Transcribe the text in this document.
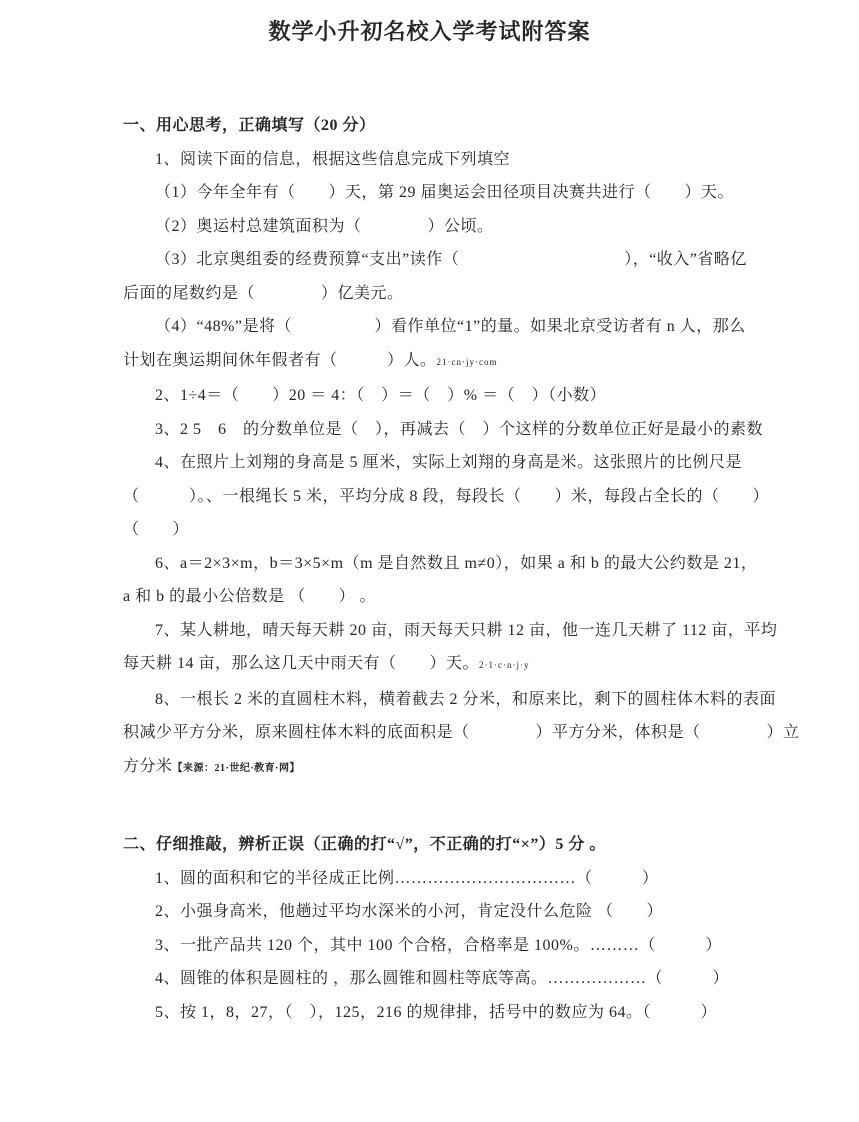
数学小升初名校入学考试附答案
一、用心思考，正确填写（20 分）

1、阅读下面的信息，根据这些信息完成下列填空

（1）今年全年有（　　）天，第 29 届奥运会田径项目决赛共进行（　　）天。

（2）奥运村总建筑面积为（　　　　）公顷。

（3）北京奥组委的经费预算“支出”读作（　　　　　　　　　　），“收入”省略亿

后面的尾数约是（　　　　）亿美元。

（4）“48%”是将（　　　　　）看作单位“1”的量。如果北京受访者有 n 人，那么

计划在奥运期间休年假者有（　　　）人。21·cn·jy·com

2、1÷4＝（　　）20 ＝ 4：（　）＝（　）% ＝（　）（小数）

3、2 5　6　的分数单位是（　），再减去（　）个这样的分数单位正好是最小的素数

4、在照片上刘翔的身高是 5 厘米，实际上刘翔的身高是米。这张照片的比例尺是

（　　　）。、一根绳长 5 米，平均分成 8 段，每段长（　　）米，每段占全长的（　　）

（　　）

6、a＝2×3×m，b＝3×5×m（m 是自然数且 m≠0），如果 a 和 b 的最大公约数是 21，

a 和 b 的最小公倍数是 （　　） 。

7、某人耕地，晴天每天耕 20 亩，雨天每天只耕 12 亩，他一连几天耕了 112 亩，平均

每天耕 14 亩，那么这几天中雨天有（　　）天。2·1·c·n·j·y

8、一根长 2 米的直圆柱木料，横着截去 2 分米，和原来比，剩下的圆柱体木料的表面

积减少平方分米，原来圆柱体木料的底面积是（　　　　）平方分米，体积是（　　　　）立

方分米【来源：21·世纪·教育·网】

二、仔细推敲，辨析正误（正确的打“√”，不正确的打“×”）5 分 。

1、圆的面积和它的半径成正比例……………………………（　　　）

2、小强身高米，他趟过平均水深米的小河，肯定没什么危险 （　　）

3、一批产品共 120 个，其中 100 个合格，合格率是 100%。………（　　　）

4、圆锥的体积是圆柱的 ，那么圆锥和圆柱等底等高。………………（　　　）

5、按 1，8，27，（　），125，216 的规律排，括号中的数应为 64。（　　　）
